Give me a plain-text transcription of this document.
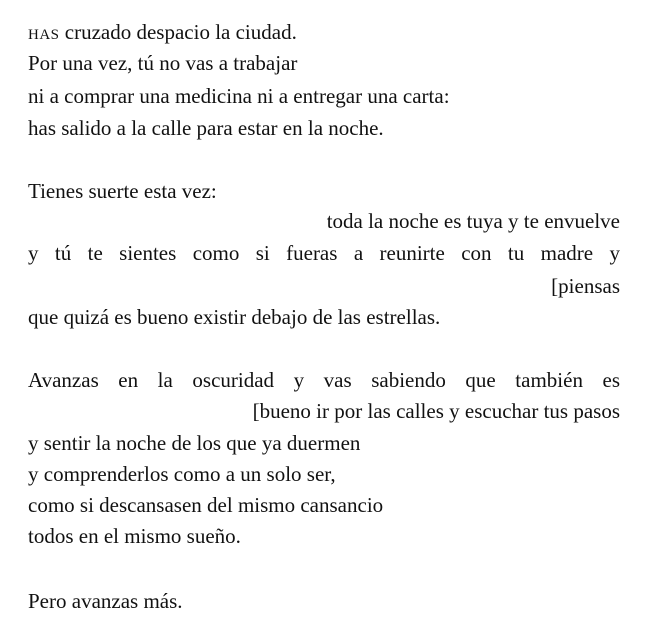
has cruzado despacio la ciudad.
Por una vez, tú no vas a trabajar
ni a comprar una medicina ni a entregar una carta:
has salido a la calle para estar en la noche.
Tienes suerte esta vez:
toda la noche es tuya y te envuelve
y tú te sientes como si fueras a reunirte con tu madre y
[piensas
que quizá es bueno existir debajo de las estrellas.
Avanzas en la oscuridad y vas sabiendo que también es
[bueno ir por las calles y escuchar tus pasos
y sentir la noche de los que ya duermen
y comprenderlos como a un solo ser,
como si descansasen del mismo cansancio
todos en el mismo sueño.
Pero avanzas más.
